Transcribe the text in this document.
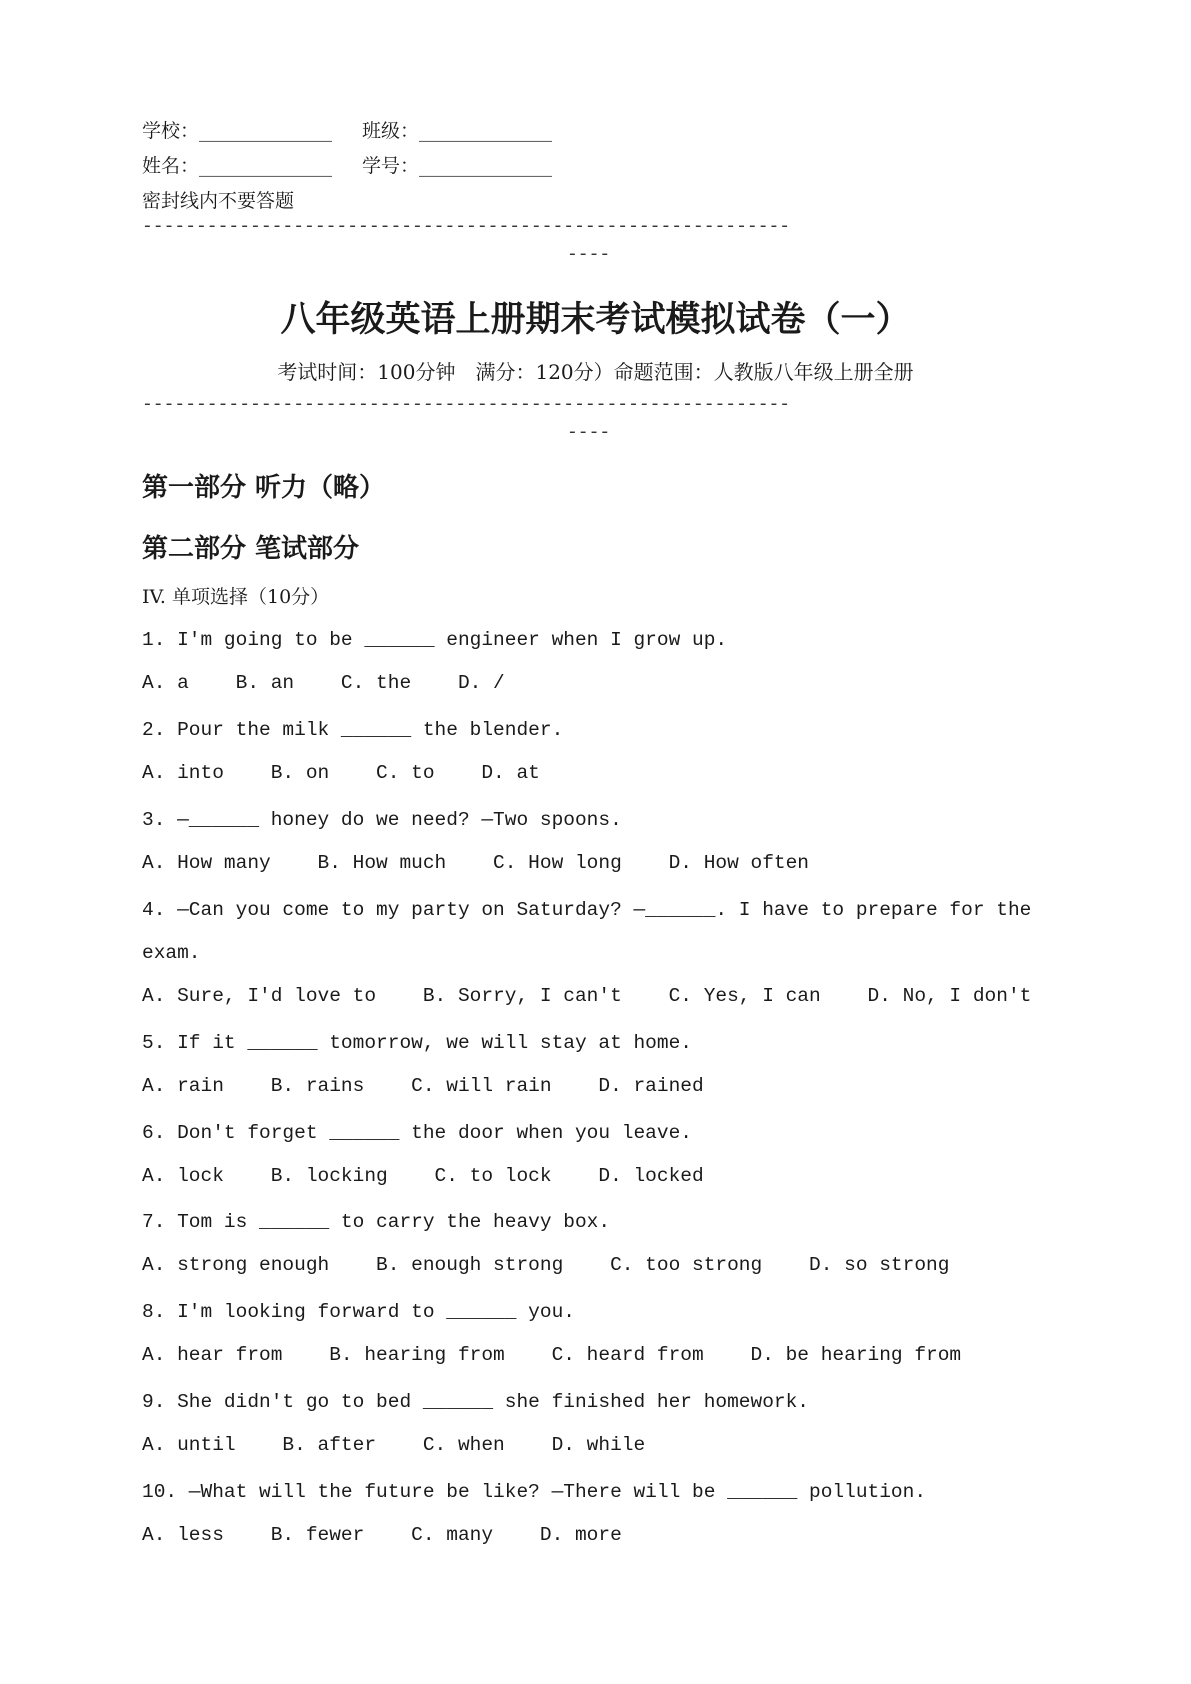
学校：______________ 班级：______________
姓名：______________ 学号：______________
密封线内不要答题
------------------------------------------------------------
----
八年级英语上册期末考试模拟试卷（一）
考试时间：100分钟　满分：120分）命题范围：人教版八年级上册全册
------------------------------------------------------------
----
第一部分 听力（略）
第二部分 笔试部分
IV. 单项选择（10分）
1. I'm going to be ______ engineer when I grow up.
A. a    B. an    C. the    D. /
2. Pour the milk ______ the blender.
A. into    B. on    C. to    D. at
3. —______ honey do we need? —Two spoons.
A. How many    B. How much    C. How long    D. How often
4. —Can you come to my party on Saturday? —______. I have to prepare for the
exam.
A. Sure, I'd love to    B. Sorry, I can't    C. Yes, I can    D. No, I don't
5. If it ______ tomorrow, we will stay at home.
A. rain    B. rains    C. will rain    D. rained
6. Don't forget ______ the door when you leave.
A. lock    B. locking    C. to lock    D. locked
7. Tom is ______ to carry the heavy box.
A. strong enough    B. enough strong    C. too strong    D. so strong
8. I'm looking forward to ______ you.
A. hear from    B. hearing from    C. heard from    D. be hearing from
9. She didn't go to bed ______ she finished her homework.
A. until    B. after    C. when    D. while
10. —What will the future be like? —There will be ______ pollution.
A. less    B. fewer    C. many    D. more
